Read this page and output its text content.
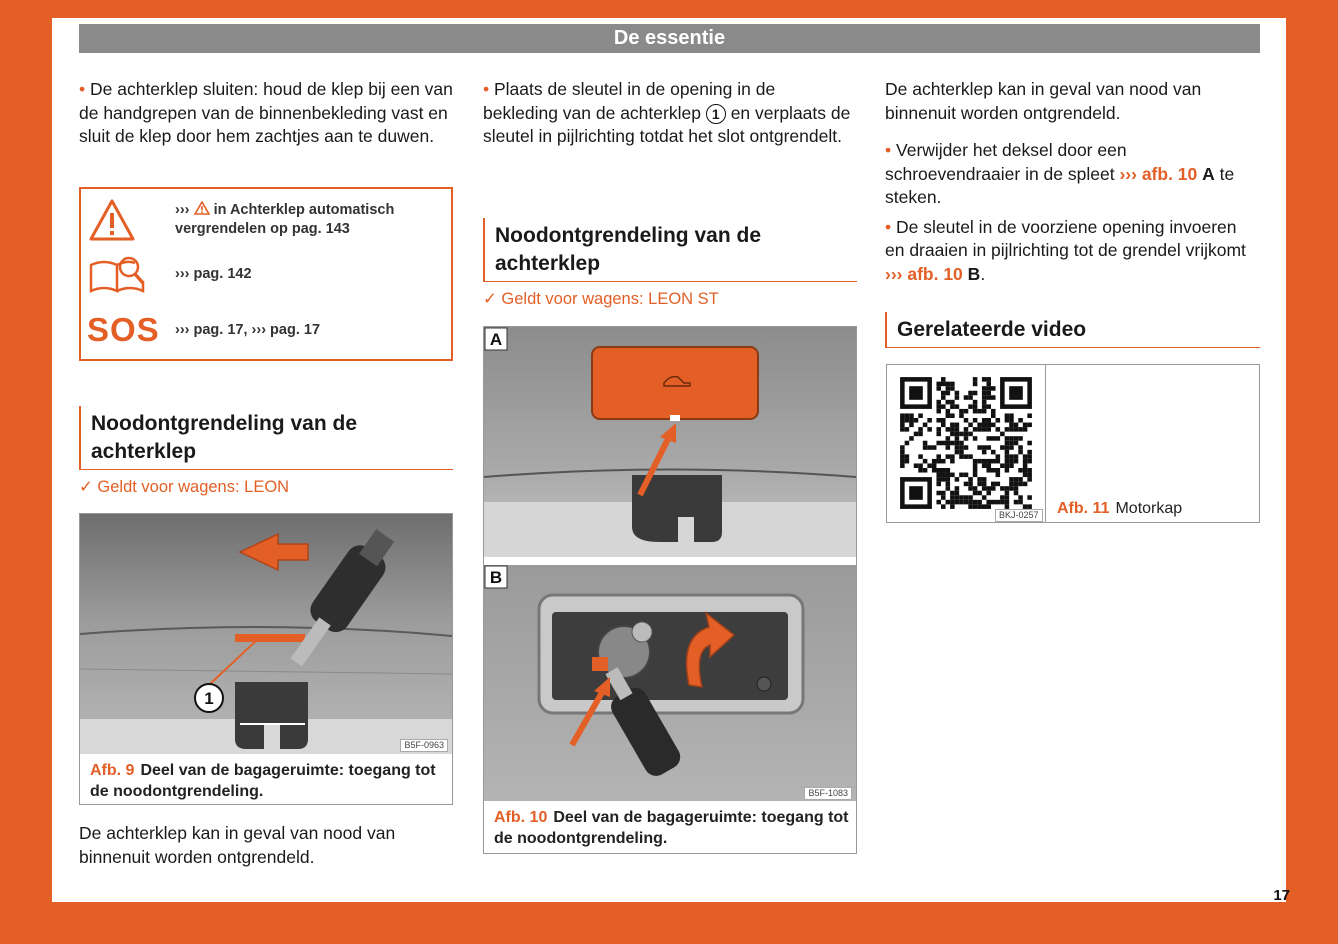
De essentie

• De achterklep sluiten: houd de klep bij een van de handgrepen van de binnenbekleding vast en sluit de klep door hem zachtjes aan te duwen.

››› in Achterklep automatisch vergrendelen op pag. 143
››› pag. 142
SOS ››› pag. 17, ››› pag. 17
Noodontgrendeling van de achterklep
✓ Geldt voor wagens: LEON
1
B5F-0963
Afb. 9 Deel van de bagageruimte: toegang tot de noodontgrendeling.

De achterklep kan in geval van nood van binnenuit worden ontgrendeld.

• Plaats de sleutel in de opening in de bekleding van de achterklep 1 en verplaats de sleutel in pijlrichting totdat het slot ontgrendelt.

Noodontgrendeling van de achterklep
✓ Geldt voor wagens: LEON ST
A
B
B5F-1083
Afb. 10 Deel van de bagageruimte: toegang tot de noodontgrendeling.

De achterklep kan in geval van nood van binnenuit worden ontgrendeld.

• Verwijder het deksel door een schroevendraaier in de spleet ››› afb. 10 A te steken.

• De sleutel in de voorziene opening invoeren en draaien in pijlrichting tot de grendel vrijkomt ››› afb. 10 B.

Gerelateerde video
BKJ-0257 Afb. 11 Motorkap
17
